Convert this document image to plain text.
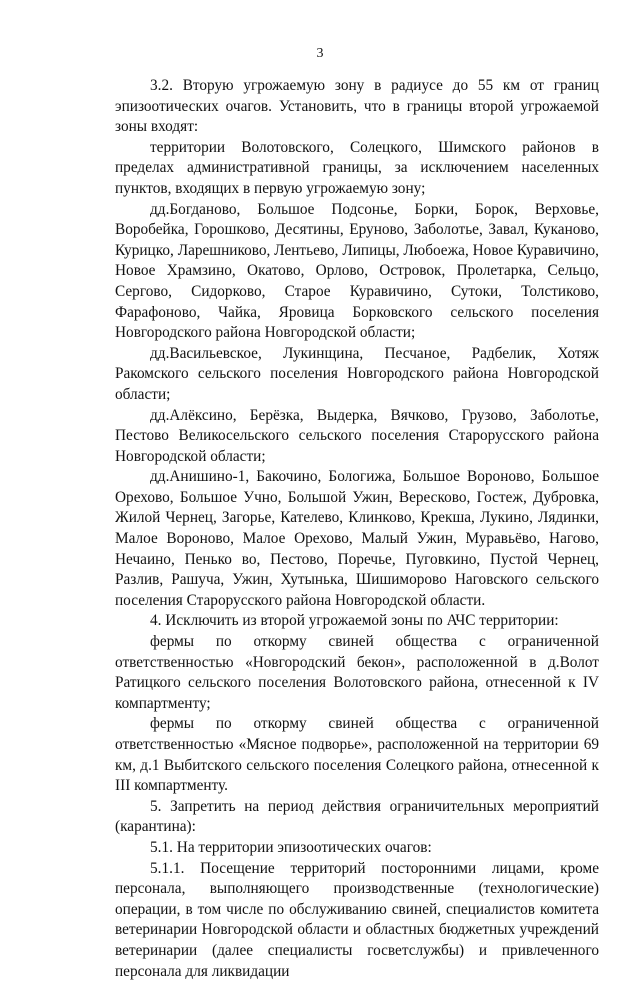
3

3.2. Вторую угрожаемую зону в радиусе до 55 км от границ эпизоотических очагов. Установить, что в границы второй угрожаемой зоны входят:

территории Волотовского, Солецкого, Шимского районов в пределах административной границы, за исключением населенных пунктов, входящих в первую угрожаемую зону;

дд.Богданово, Большое Подсонье, Борки, Борок, Верховье, Воробейка, Горошково, Десятины, Еруново, Заболотье, Завал, Куканово, Курицко, Ларешниково, Лентьево, Липицы, Любоежа, Новое Куравичино, Новое Храмзино, Окатово, Орлово, Островок, Пролетарка, Сельцо, Сергово, Сидорково, Старое Куравичино, Сутоки, Толстиково, Фарафоново, Чайка, Яровица Борковского сельского поселения Новгородского района Новгородской области;

дд.Васильевское, Лукинщина, Песчаное, Радбелик, Хотяж Ракомского сельского поселения Новгородского района Новгородской области;

дд.Алёксино, Берёзка, Выдерка, Вячково, Грузово, Заболотье, Пестово Великосельского сельского поселения Старорусского района Новгородской области;

дд.Анишино-1, Бакочино, Бологижа, Большое Вороново, Большое Орехово, Большое Учно, Большой Ужин, Вересково, Гостеж, Дубровка, Жилой Чернец, Загорье, Кателево, Клинково, Крекша, Лукино, Лядинки, Малое Вороново, Малое Орехово, Малый Ужин, Муравьёво, Нагово, Нечаино, Пенько во, Пестово, Поречье, Пуговкино, Пустой Чернец, Разлив, Рашуча, Ужин, Хутынька, Шишиморово Наговского сельского поселения Старорусского района Новгородской области.

4. Исключить из второй угрожаемой зоны по АЧС территории:

фермы по откорму свиней общества с ограниченной ответственностью «Новгородский бекон», расположенной в д.Волот Ратицкого сельского поселения Волотовского района, отнесенной к IV компартменту;

фермы по откорму свиней общества с ограниченной ответственностью «Мясное подворье», расположенной на территории 69 км, д.1 Выбитского сельского поселения Солецкого района, отнесенной к III компартменту.

5. Запретить на период действия ограничительных мероприятий (карантина):

5.1. На территории эпизоотических очагов:

5.1.1. Посещение территорий посторонними лицами, кроме персонала, выполняющего производственные (технологические) операции, в том числе по обслуживанию свиней, специалистов комитета ветеринарии Новгородской области и областных бюджетных учреждений ветеринарии (далее специалисты госветслужбы) и привлеченного персонала для ликвидации
